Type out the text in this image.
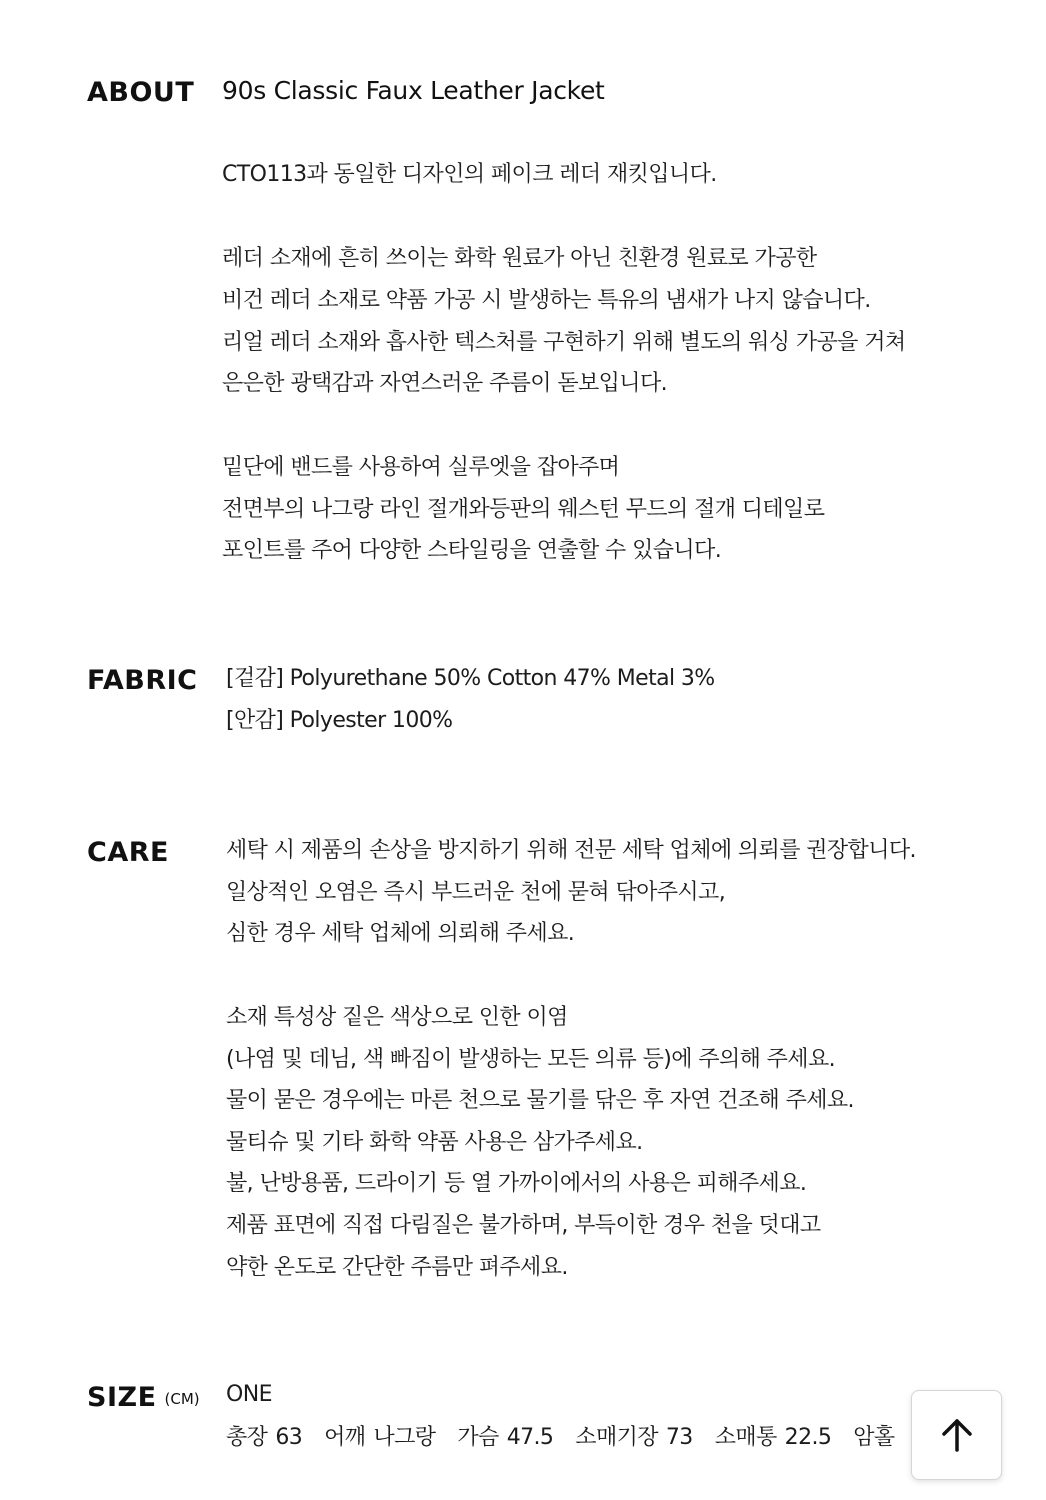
ABOUT 90s Classic Faux Leather Jacket

CTO113과 동일한 디자인의 페이크 레더 재킷입니다.

레더 소재에 흔히 쓰이는 화학 원료가 아닌 친환경 원료로 가공한

비건 레더 소재로 약품 가공 시 발생하는 특유의 냄새가 나지 않습니다.

리얼 레더 소재와 흡사한 텍스처를 구현하기 위해 별도의 워싱 가공을 거쳐

은은한 광택감과 자연스러운 주름이 돋보입니다.

밑단에 밴드를 사용하여 실루엣을 잡아주며

전면부의 나그랑 라인 절개와등판의 웨스턴 무드의 절개 디테일로

포인트를 주어 다양한 스타일링을 연출할 수 있습니다.

FABRIC [겉감] Polyurethane 50% Cotton 47% Metal 3%

[안감] Polyester 100%

CARE	세탁 시 제품의 손상을 방지하기 위해 전문 세탁 업체에 의뢰를 권장합니다.

일상적인 오염은 즉시 부드러운 천에 묻혀 닦아주시고,

심한 경우 세탁 업체에 의뢰해 주세요.

소재 특성상 짙은 색상으로 인한 이염

(나염 및 데님, 색 빠짐이 발생하는 모든 의류 등)에 주의해 주세요.

물이 묻은 경우에는 마른 천으로 물기를 닦은 후 자연 건조해 주세요.

물티슈 및 기타 화학 약품 사용은 삼가주세요.

불, 난방용품, 드라이기 등 열 가까이에서의 사용은 피해주세요.

제품 표면에 직접 다림질은 불가하며, 부득이한 경우 천을 덧대고

약한 온도로 간단한 주름만 펴주세요.

SIZE (CM) ONE

총장 63 어깨 나그랑 가슴 47.5 소매기장 73 소매통 22.5 암홀
